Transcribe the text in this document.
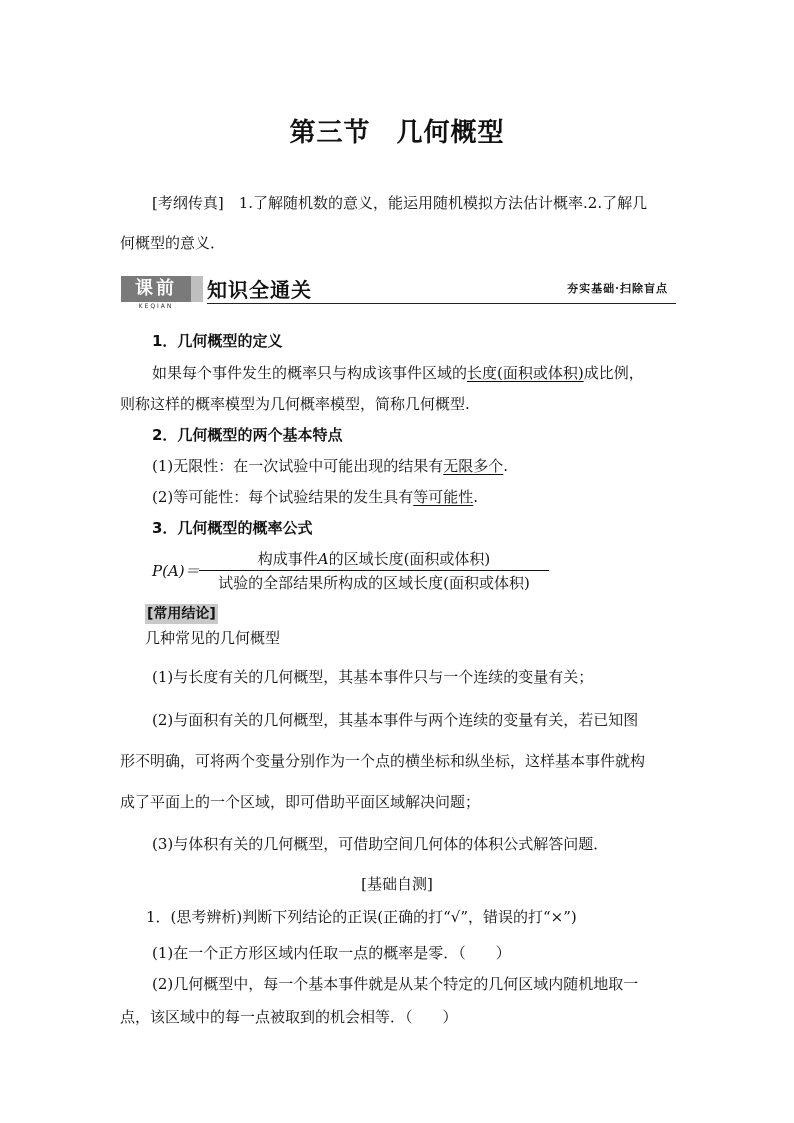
第三节 几何概型
[考纲传真]　1.了解随机数的意义，能运用随机模拟方法估计概率.2.了解几
何概型的意义．
课前
KEQIAN
知识全通关	夯实基础·扫除盲点
1．几何概型的定义
如果每个事件发生的概率只与构成该事件区域的长度(面积或体积)成比例，
则称这样的概率模型为几何概率模型，简称几何概型.
2．几何概型的两个基本特点
(1)无限性：在一次试验中可能出现的结果有无限多个.
(2)等可能性：每个试验结果的发生具有等可能性.
3．几何概型的概率公式
P(A)＝
构成事件A的区域长度(面积或体积)
试验的全部结果所构成的区域长度(面积或体积)
[常用结论]
几种常见的几何概型
(1)与长度有关的几何概型，其基本事件只与一个连续的变量有关；
(2)与面积有关的几何概型，其基本事件与两个连续的变量有关，若已知图
形不明确，可将两个变量分别作为一个点的横坐标和纵坐标，这样基本事件就构
成了平面上的一个区域，即可借助平面区域解决问题；
(3)与体积有关的几何概型，可借助空间几何体的体积公式解答问题．
[基础自测]
1．(思考辨析)判断下列结论的正误(正确的打“√”，错误的打“×”)
(1)在一个正方形区域内任取一点的概率是零．（　　）
(2)几何概型中，每一个基本事件就是从某个特定的几何区域内随机地取一
点，该区域中的每一点被取到的机会相等．（　　）
